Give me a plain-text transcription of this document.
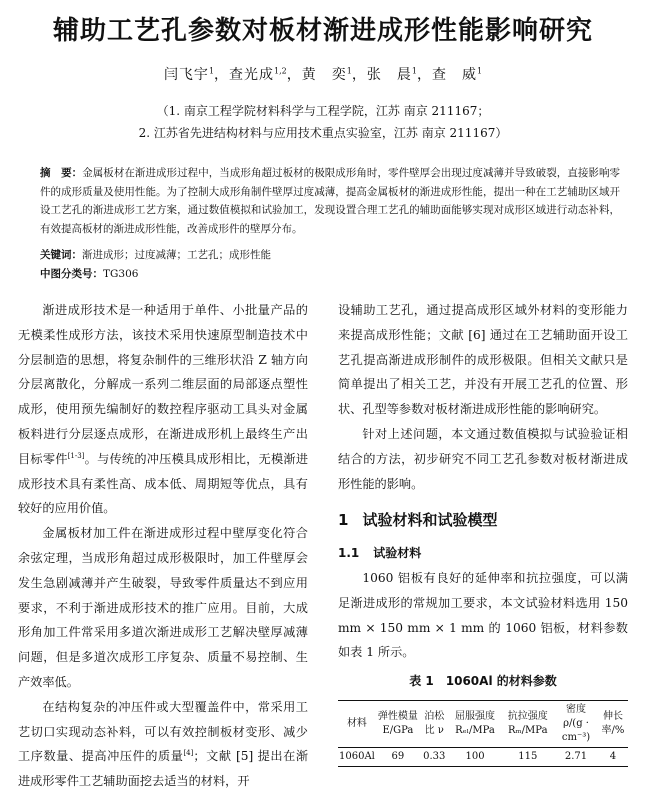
辅助工艺孔参数对板材渐进成形性能影响研究
闫飞宇$^1$，查光成$^{1,2}$，黄　奕$^1$，张　晨$^1$，查　威$^1$
（1. 南京工程学院材料科学与工程学院，江苏 南京 211167；
2. 江苏省先进结构材料与应用技术重点实验室，江苏 南京 211167）
摘　要：金属板材在渐进成形过程中，当成形角超过板材的极限成形角时，零件壁厚会出现过度减薄并导致破裂，直接影响零件的成形质量及使用性能。为了控制大成形角制件壁厚过度减薄，提高金属板材的渐进成形性能，提出一种在工艺辅助区域开设工艺孔的渐进成形工艺方案，通过数值模拟和试验加工，发现设置合理工艺孔的辅助面能够实现对成形区域进行动态补料，有效提高板材的渐进成形性能，改善成形件的壁厚分布。
关键词：渐进成形；过度减薄；工艺孔；成形性能
中图分类号：TG306

渐进成形技术是一种适用于单件、小批量产品的无模柔性成形方法，该技术采用快速原型制造技术中分层制造的思想，将复杂制件的三维形状沿 Z 轴方向分层离散化，分解成一系列二维层面的局部逐点塑性成形，使用预先编制好的数控程序驱动工具头对金属板料进行分层逐点成形，在渐进成形机上最终生产出目标零件[1-3]。与传统的冲压模具成形相比，无模渐进成形技术具有柔性高、成本低、周期短等优点，具有较好的应用价值。

金属板材加工件在渐进成形过程中壁厚变化符合余弦定理，当成形角超过成形极限时，加工件壁厚会发生急剧减薄并产生破裂，导致零件质量达不到应用要求，不利于渐进成形技术的推广应用。目前，大成形角加工件常采用多道次渐进成形工艺解决壁厚减薄问题，但是多道次成形工序复杂、质量不易控制、生产效率低。

在结构复杂的冲压件或大型覆盖件中，常采用工艺切口实现动态补料，可以有效控制板材变形、减少工序数量、提高冲压件的质量[4]；文献 [5] 提出在渐进成形零件工艺辅助面挖去适当的材料，开

设辅助工艺孔，通过提高成形区域外材料的变形能力来提高成形性能；文献 [6] 通过在工艺辅助面开设工艺孔提高渐进成形制件的成形极限。但相关文献只是简单提出了相关工艺，并没有开展工艺孔的位置、形状、孔型等参数对板材渐进成形性能的影响研究。

针对上述问题，本文通过数值模拟与试验验证相结合的方法，初步研究不同工艺孔参数对板材渐进成形性能的影响。

1 试验材料和试验模型
1.1 试验材料

1060 铝板有良好的延伸率和抗拉强度，可以满足渐进成形的常规加工要求，本文试验材料选用 150 mm × 150 mm × 1 mm 的 1060 铝板，材料参数如表 1 所示。

表 1　1060Al 的材料参数
材料	弹性模量 E/GPa	泊松比 ν	屈服强度 Rₑₗ/MPa	抗拉强度 Rₘ/MPa	密度 ρ/(g · cm⁻³)	伸长率/%
1060Al	69	0.33	100	115	2.71	4
